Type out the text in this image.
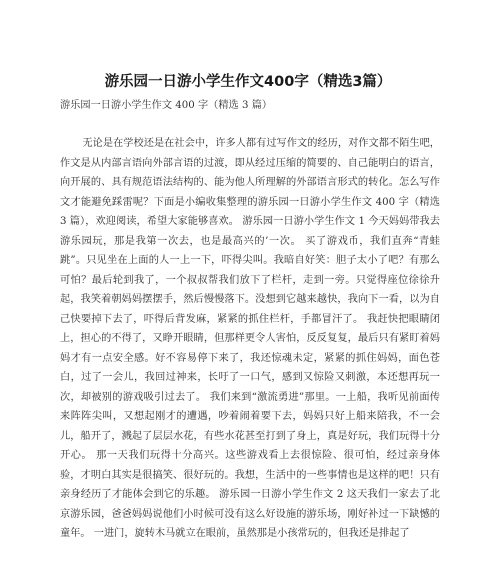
游乐园一日游小学生作文400字（精选3篇）

游乐园一日游小学生作文 400 字（精选 3 篇）

无论是在学校还是在社会中，许多人都有过写作文的经历，对作文都不陌生吧，作文是从内部言语向外部言语的过渡，即从经过压缩的简要的、自己能明白的语言，向开展的、具有规范语法结构的、能为他人所理解的外部语言形式的转化。怎么写作文才能避免踩雷呢？下面是小编收集整理的游乐园一日游小学生作文 400 字（精选 3 篇），欢迎阅读，希望大家能够喜欢。 游乐园一日游小学生作文 1 今天妈妈带我去游乐园玩，那是我第一次去，也是最高兴的’一次。 买了游戏币，我们直奔“青蛙跳”。只见坐在上面的人一上一下，吓得尖叫。我暗自好笑：胆子太小了吧？有那么可怕？最后轮到我了，一个叔叔帮我们放下了栏杆，走到一旁。只觉得座位徐徐升起，我笑着朝妈妈摆摆手，然后慢慢落下。没想到它越来越快，我向下一看，以为自己快要掉下去了，吓得后背发麻，紧紧的抓住栏杆，手都冒汗了。 我赶快把眼睛闭上，担心的不得了，又睁开眼睛，但那样更令人害怕，反反复复，最后只有紧盯着妈妈才有一点安全感。好不容易停下来了，我还惊魂未定，紧紧的抓住妈妈，面色苍白，过了一会儿，我回过神来，长吁了一口气，感到又惊险又刺激，本还想再玩一次，却被别的游戏吸引过去了。 我们来到“激流勇进”那里。一上船，我听见前面传来阵阵尖叫，又想起刚才的遭遇，吵着闹着要下去，妈妈只好上船来陪我，不一会儿，船开了，溅起了层层水花，有些水花甚至打到了身上，真是好玩，我们玩得十分开心。 那一天我们玩得十分高兴。这些游戏看上去很惊险、很可怕，经过亲身体验，才明白其实是很搞笑、很好玩的。我想，生活中的一些事情也是这样的吧！只有亲身经历了才能体会到它的乐趣。 游乐园一日游小学生作文 2 这天我们一家去了北京游乐园，爸爸妈妈说他们小时候可没有这么好设施的游乐场，刚好补过一下缺憾的童年。 一进门，旋转木马就立在眼前，虽然那是小孩常玩的，但我还是排起了
